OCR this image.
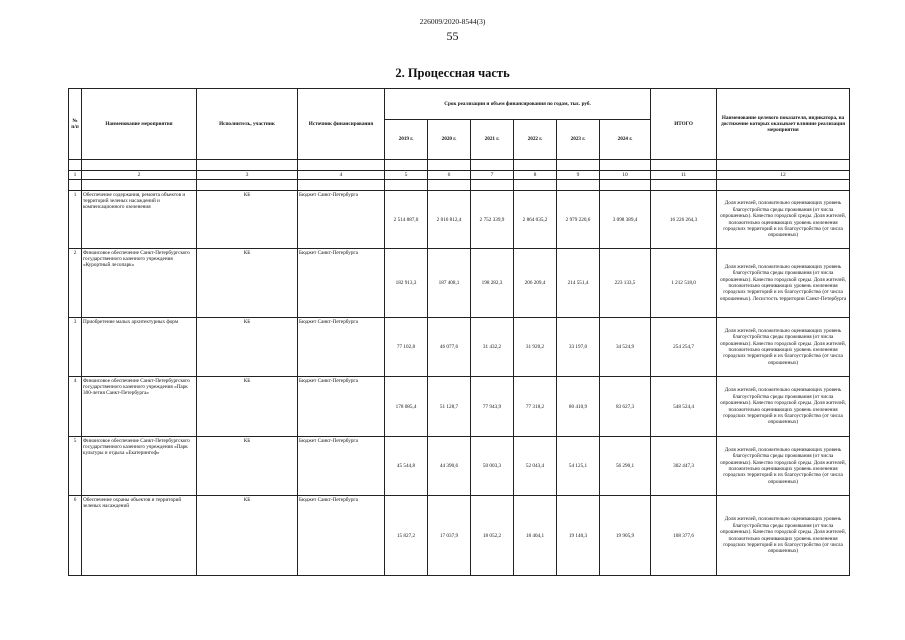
226009/2020-8544(3)
55
2. Процессная часть
№ п/п	Наименование мероприятия	Исполнитель, участник	Источник финансирования	Срок реализации и объем финансирования по годам, тыс. руб.						ИТОГО	Наименование целевого показателя, индикатора, на достижение которых оказывает влияние реализация мероприятия
				2019 г.	2020 г.	2021 г.	2022 г.	2023 г.	2024 г.		

1	2	3	4	5	6	7	8	9	10	11	12

1	Обеспечение содержания, ремонта объектов и территорий зеленых насаждений и компенсационного озеленения	КБ	Бюджет Санкт-Петербурга	2 514 887,0	2 016 812,4	2 752 339,9	2 864 035,2	2 979 220,6	3 098 389,4	16 226 264,3	Доля жителей, положительно оценивающих уровень благоустройства среды проживания (от числа опрошенных). Качество городской среды. Доля жителей, положительно оценивающих уровень озеленения городских территорий и их благоустройство (от числа опрошенных)
2	Финансовое обеспечение Санкт-Петербургского государственного казенного учреждения «Курортный лесопарк»	КБ	Бюджет Санкт-Петербурга	182 913,3	187 408,1	198 282,3	206 209,4	214 551,4	223 133,5	1 212 518,0	Доля жителей, положительно оценивающих уровень благоустройства среды проживания (от числа опрошенных). Качество городской среды. Доля жителей, положительно оценивающих уровень озеленения городских территорий и их благоустройство (от числа опрошенных). Лесистость территории Санкт-Петербурга
3	Приобретение малых архитектурных форм	КБ	Бюджет Санкт-Петербурга	77 102,8	46 077,6	31 432,2	31 920,2	33 197,0	34 524,9	254 254,7	Доля жителей, положительно оценивающих уровень благоустройства среды проживания (от числа опрошенных). Качество городской среды. Доля жителей, положительно оценивающих уровень озеленения городских территорий и их благоустройство (от числа опрошенных)
4	Финансовое обеспечение Санкт-Петербургского государственного казенного учреждения «Парк 300-летия Санкт-Петербурга»	КБ	Бюджет Санкт-Петербурга	178 085,4	51 128,7	77 943,9	77 318,2	80 410,9	83 627,3	548 524,4	Доля жителей, положительно оценивающих уровень благоустройства среды проживания (от числа опрошенных). Качество городской среды. Доля жителей, положительно оценивающих уровень озеленения городских территорий и их благоустройство (от числа опрошенных)
5	Финансовое обеспечение Санкт-Петербургского государственного казенного учреждения «Парк культуры и отдыха «Екатерингоф»	КБ	Бюджет Санкт-Петербурга	45 544,8	44 390,6	50 003,3	52 043,4	54 125,1	56 290,1	302 447,3	Доля жителей, положительно оценивающих уровень благоустройства среды проживания (от числа опрошенных). Качество городской среды. Доля жителей, положительно оценивающих уровень озеленения городских территорий и их благоустройство (от числа опрошенных)
6	Обеспечение охраны объектов и территорий зеленых насаждений	КБ	Бюджет Санкт-Петербурга	15 827,2	17 037,9	18 052,2	18 404,1	19 140,3	19 905,9	108 377,6	Доля жителей, положительно оценивающих уровень благоустройства среды проживания (от числа опрошенных). Качество городской среды. Доля жителей, положительно оценивающих уровень озеленения городских территорий и их благоустройство (от числа опрошенных)
